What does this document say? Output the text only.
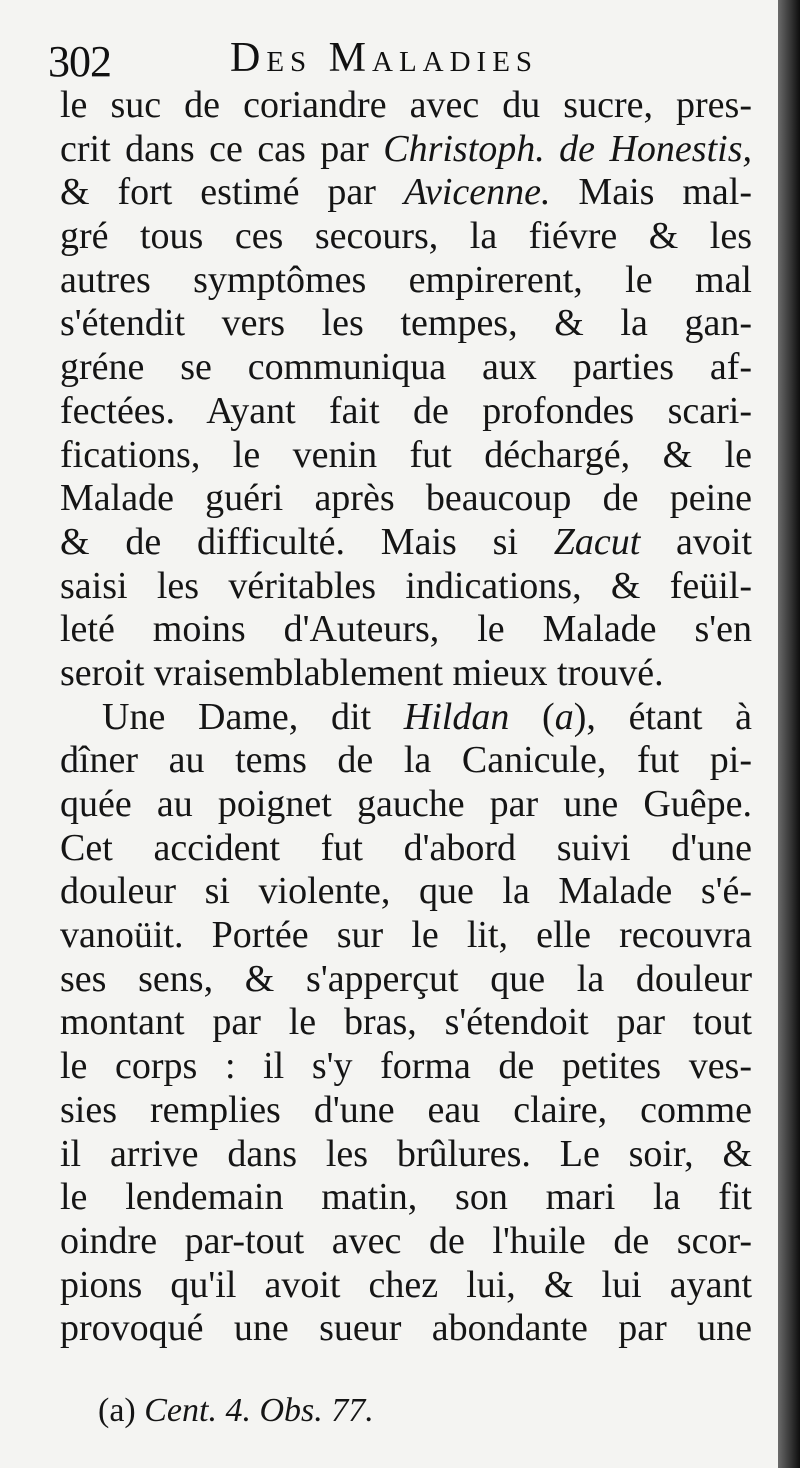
302	Des Maladies
le suc de coriandre avec du sucre, pres-
crit dans ce cas par Christoph. de Honestis,
& fort estimé par Avicenne. Mais mal-
gré tous ces secours, la fiévre & les
autres symptômes empirerent, le mal
s'étendit vers les tempes, & la gan-
gréne se communiqua aux parties af-
fectées. Ayant fait de profondes scari-
fications, le venin fut déchargé, & le
Malade guéri après beaucoup de peine
& de difficulté. Mais si Zacut avoit
saisi les véritables indications, & feüil-
leté moins d'Auteurs, le Malade s'en
seroit vraisemblablement mieux trouvé.
Une Dame, dit Hildan (a), étant à
dîner au tems de la Canicule, fut pi-
quée au poignet gauche par une Guêpe.
Cet accident fut d'abord suivi d'une
douleur si violente, que la Malade s'é-
vanoüit. Portée sur le lit, elle recouvra
ses sens, & s'apperçut que la douleur
montant par le bras, s'étendoit par tout
le corps : il s'y forma de petites ves-
sies remplies d'une eau claire, comme
il arrive dans les brûlures. Le soir, &
le lendemain matin, son mari la fit
oindre par-tout avec de l'huile de scor-
pions qu'il avoit chez lui, & lui ayant
provoqué une sueur abondante par une
(a) Cent. 4. Obs. 77.
